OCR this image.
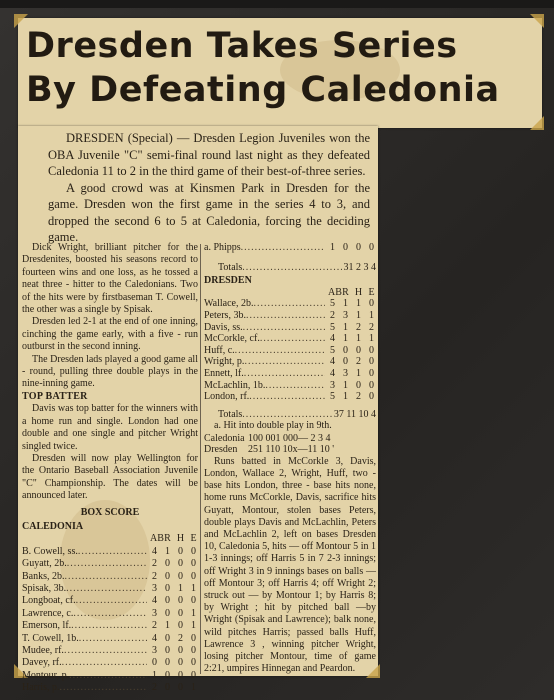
Dresden Takes Series
By Defeating Caledonia

DRESDEN (Special) — Dresden Legion Juveniles won the OBA Juvenile "C" semi-final round last night as they defeated Caledonia 11 to 2 in the third game of their best-of-three series.

A good crowd was at Kinsmen Park in Dresden for the game. Dresden won the first game in the series 4 to 3, and dropped the second 6 to 5 at Caledonia, forcing the deciding game.

Dick Wright, brilliant pitcher for the Dresdenites, boosted his seasons record to fourteen wins and one loss, as he tossed a neat three - hitter to the Caledonians. Two of the hits were by firstbaseman T. Cowell, the other was a single by Spisak.

Dresden led 2-1 at the end of one inning, cinching the game early, with a five - run outburst in the second inning.

The Dresden lads played a good game all - round, pulling three double plays in the nine-inning game.

TOP BATTER

Davis was top batter for the winners with a home run and single. London had one double and one single and pitcher Wright singled twice.

Dresden will now play Wellington for the Ontario Baseball Association Juvenile "C" Championship. The dates will be announced later.

BOX SCORE
CALEDONIA
AB R H E
B. Cowell, ss. .....	4 1 0 0
Guyatt, 2b. .....	2 0 0 0
Banks, 2b. .....	2 0 0 0
Spisak, 3b. .....	3 0 1 1
Longboat, cf. .....	4 0 0 0
Lawrence, c. .....	3 0 0 1
Emerson, lf. .....	2 1 0 1
T. Cowell, 1b. .....	4 0 2 0
Mudee, rf. .....	3 0 0 0
Davey, rf. .....	0 0 0 0
Montour, p. .....	1 0 0 0
Harris, p. .....	2 0 0 1
a. Phipps .....	1 0 0 0
Totals .....	31 2 3 4
DRESDEN
AB R H E
Wallace, 2b. .....	5 1 1 0
Peters, 3b. .....	2 3 1 1
Davis, ss. .....	5 1 2 2
McCorkle, cf. .....	4 1 1 1
Huff, c. .....	5 0 0 0
Wright, p. .....	4 0 2 0
Ennett, lf. .....	4 3 1 0
McLachlin, 1b. .....	3 1 0 0
London, rf. .....	5 1 2 0
Totals .....	37 11 10 4

a. Hit into double play in 9th.

Caledonia 100 001 000— 2 3 4
Dresden	251 110 10x—11 10 '

Runs batted in McCorkle 3, Davis, London, Wallace 2, Wright, Huff, two - base hits London, three - base hits none, home runs McCorkle, Davis, sacrifice hits Guyatt, Montour, stolen bases Peters, double plays Davis and McLachlin, Peters and McLachlin 2, left on bases Dresden 10, Caledonia 5, hits — off Montour 5 in 1 1-3 innings; off Harris 5 in 7 2-3 innings; off Wright 3 in 9 innings bases on balls — off Montour 3; off Harris 4; off Wright 2; struck out — by Montour 1; by Harris 8; by Wright ; hit by pitched ball —by Wright (Spisak and Lawrence); balk none, wild pitches Harris; passed balls Huff, Lawrence 3 , winning pitcher Wright, losing pitcher Montour, time of game 2:21, umpires Hinnegan and Peardon.
